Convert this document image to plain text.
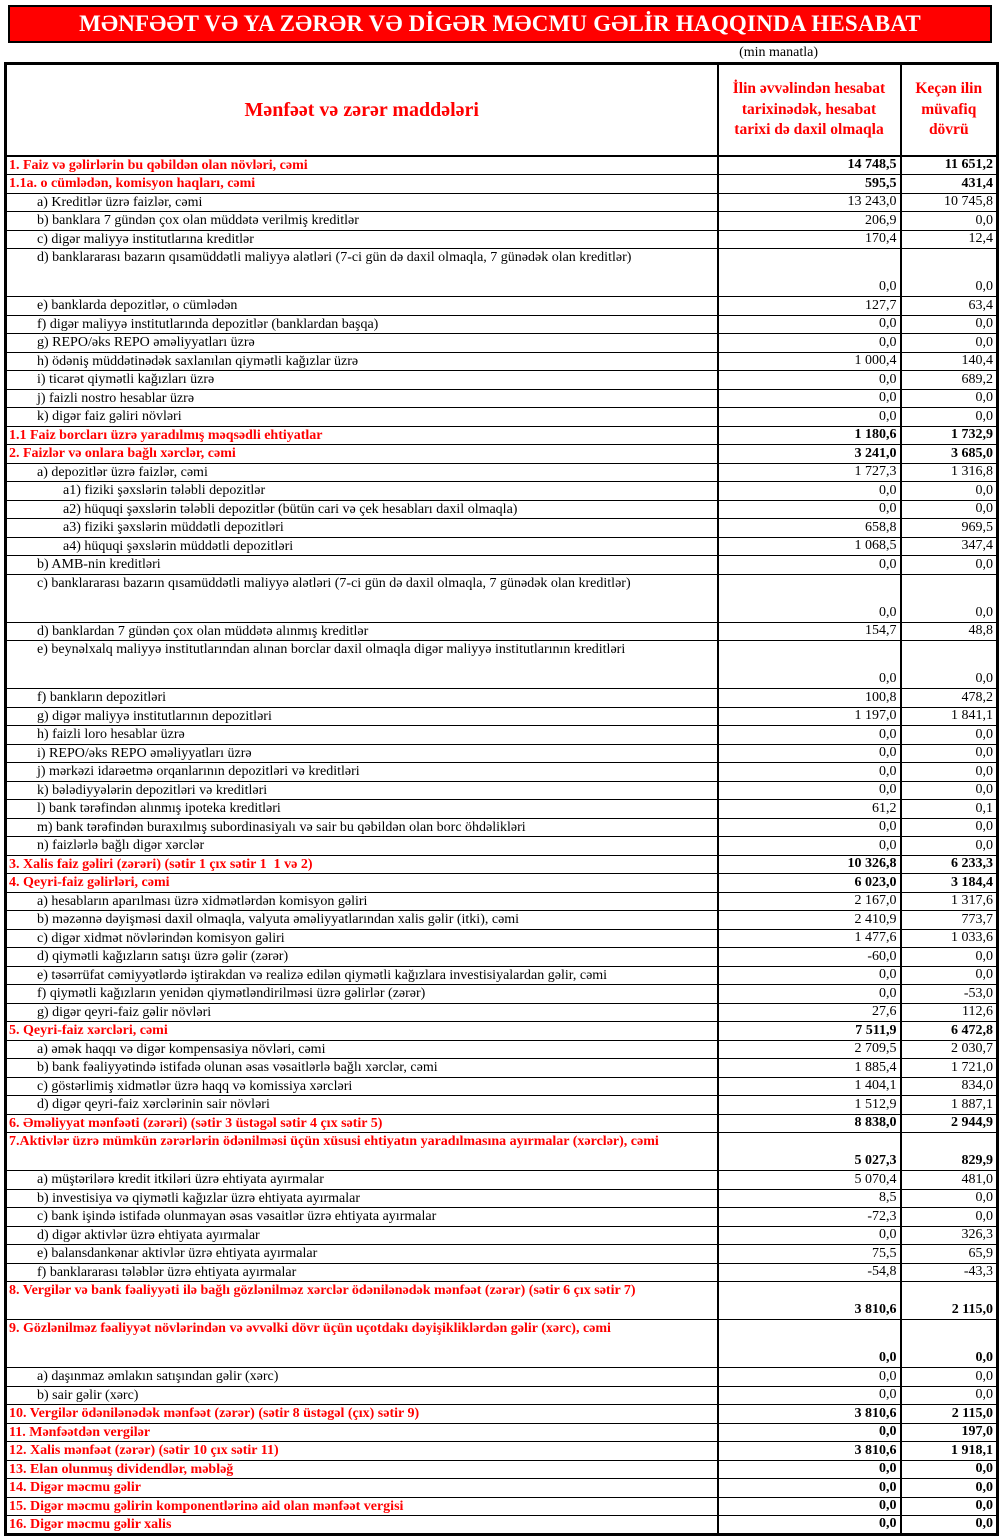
MƏNFƏƏT VƏ YA ZƏRƏR VƏ DİGƏR MƏCMU GƏLİR HAQQINDA HESABAT
(min manatla)
Mənfəət və zərər maddələri	İlin əvvəlindən hesabat tarixinədək, hesabat tarixi də daxil olmaqla	Keçən ilin müvafiq dövrü
1. Faiz və gəlirlərin bu qəbildən olan növləri, cəmi	14 748,5	11 651,2
1.1a. o cümlədən, komisyon haqları, cəmi	595,5	431,4
a) Kreditlər üzrə faizlər, cəmi	13 243,0	10 745,8
b) banklara 7 gündən çox olan müddətə verilmiş kreditlər	206,9	0,0
c) digər maliyyə institutlarına kreditlər	170,4	12,4
d) banklararası bazarın qısamüddətli maliyyə alətləri (7-ci gün də daxil olmaqla, 7 günədək olan kreditlər)	0,0	0,0
e) banklarda depozitlər, o cümlədən	127,7	63,4
f) digər maliyyə institutlarında depozitlər (banklardan başqa)	0,0	0,0
g) REPO/əks REPO əməliyyatları üzrə	0,0	0,0
h) ödəniş müddətinədək saxlanılan qiymətli kağızlar üzrə	1 000,4	140,4
i) ticarət qiymətli kağızları üzrə	0,0	689,2
j) faizli nostro hesablar üzrə	0,0	0,0
k) digər faiz gəliri növləri	0,0	0,0
1.1 Faiz borcları üzrə yaradılmış məqsədli ehtiyatlar	1 180,6	1 732,9
2. Faizlər və onlara bağlı xərclər, cəmi	3 241,0	3 685,0
a) depozitlər üzrə faizlər, cəmi	1 727,3	1 316,8
a1) fiziki şəxslərin tələbli depozitlər	0,0	0,0
a2) hüquqi şəxslərin tələbli depozitlər (bütün cari və çek hesabları daxil olmaqla)	0,0	0,0
a3) fiziki şəxslərin müddətli depozitləri	658,8	969,5
a4) hüquqi şəxslərin müddətli depozitləri	1 068,5	347,4
b) AMB-nin kreditləri	0,0	0,0
c) banklararası bazarın qısamüddətli maliyyə alətləri (7-ci gün də daxil olmaqla, 7 günədək olan kreditlər)	0,0	0,0
d) banklardan 7 gündən çox olan müddətə alınmış kreditlər	154,7	48,8
e) beynəlxalq maliyyə institutlarından alınan borclar daxil olmaqla digər maliyyə institutlarının kreditləri	0,0	0,0
f) bankların depozitləri	100,8	478,2
g) digər maliyyə institutlarının depozitləri	1 197,0	1 841,1
h) faizli loro hesablar üzrə	0,0	0,0
i) REPO/əks REPO əməliyyatları üzrə	0,0	0,0
j) mərkəzi idarəetmə orqanlarının depozitləri və kreditləri	0,0	0,0
k) bələdiyyələrin depozitləri və kreditləri	0,0	0,0
l) bank tərəfindən alınmış ipoteka kreditləri	61,2	0,1
m) bank tərəfindən buraxılmış subordinasiyalı və sair bu qəbildən olan borc öhdəlikləri	0,0	0,0
n) faizlərlə bağlı digər xərclər	0,0	0,0
3. Xalis faiz gəliri (zərəri) (sətir 1 çıx sətir 1  1 və 2)	10 326,8	6 233,3
4. Qeyri-faiz gəlirləri, cəmi	6 023,0	3 184,4
a) hesabların aparılması üzrə xidmətlərdən komisyon gəliri	2 167,0	1 317,6
b) məzənnə dəyişməsi daxil olmaqla, valyuta əməliyyatlarından xalis gəlir (itki), cəmi	2 410,9	773,7
c) digər xidmət növlərindən komisyon gəliri	1 477,6	1 033,6
d) qiymətli kağızların satışı üzrə gəlir (zərər)	-60,0	0,0
e) təsərrüfat cəmiyyətlərdə iştirakdan və realizə edilən qiymətli kağızlara investisiyalardan gəlir, cəmi	0,0	0,0
f) qiymətli kağızların yenidən qiymətləndirilməsi üzrə gəlirlər (zərər)	0,0	-53,0
g) digər qeyri-faiz gəlir növləri	27,6	112,6
5. Qeyri-faiz xərcləri, cəmi	7 511,9	6 472,8
a) əmək haqqı və digər kompensasiya növləri, cəmi	2 709,5	2 030,7
b) bank fəaliyyətində istifadə olunan əsas vəsaitlərlə bağlı xərclər, cəmi	1 885,4	1 721,0
c) göstərlimiş xidmətlər üzrə haqq və komissiya xərcləri	1 404,1	834,0
d) digər qeyri-faiz xərclərinin sair növləri	1 512,9	1 887,1
6. Əməliyyat mənfəəti (zərəri) (sətir 3 üstəgəl sətir 4 çıx sətir 5)	8 838,0	2 944,9
7.Aktivlər üzrə mümkün zərərlərin ödənilməsi üçün xüsusi ehtiyatın yaradılmasına ayırmalar (xərclər), cəmi	5 027,3	829,9
a) müştərilərə kredit itkiləri üzrə ehtiyata ayırmalar	5 070,4	481,0
b) investisiya və qiymətli kağızlar üzrə ehtiyata ayırmalar	8,5	0,0
c) bank işində istifadə olunmayan əsas vəsaitlər üzrə ehtiyata ayırmalar	-72,3	0,0
d) digər aktivlər üzrə ehtiyata ayırmalar	0,0	326,3
e) balansdankənar aktivlər üzrə ehtiyata ayırmalar	75,5	65,9
f) banklararası tələblər üzrə ehtiyata ayırmalar	-54,8	-43,3
8. Vergilər və bank fəaliyyəti ilə bağlı gözlənilməz xərclər ödənilənədək mənfəət (zərər) (sətir 6 çıx sətir 7)	3 810,6	2 115,0
9. Gözlənilməz fəaliyyət növlərindən və əvvəlki dövr üçün uçotdakı dəyişikliklərdən gəlir (xərc), cəmi	0,0	0,0
a) daşınmaz əmlakın satışından gəlir (xərc)	0,0	0,0
b) sair gəlir (xərc)	0,0	0,0
10. Vergilər ödənilənədək mənfəət (zərər) (sətir 8 üstəgəl (çıx) sətir 9)	3 810,6	2 115,0
11. Mənfəətdən vergilər	0,0	197,0
12. Xalis mənfəət (zərər) (sətir 10 çıx sətir 11)	3 810,6	1 918,1
13. Elan olunmuş dividendlər, məbləğ	0,0	0,0
14. Digər məcmu gəlir	0,0	0,0
15. Digər məcmu gəlirin komponentlərinə aid olan mənfəət vergisi	0,0	0,0
16. Digər məcmu gəlir xalis	0,0	0,0
